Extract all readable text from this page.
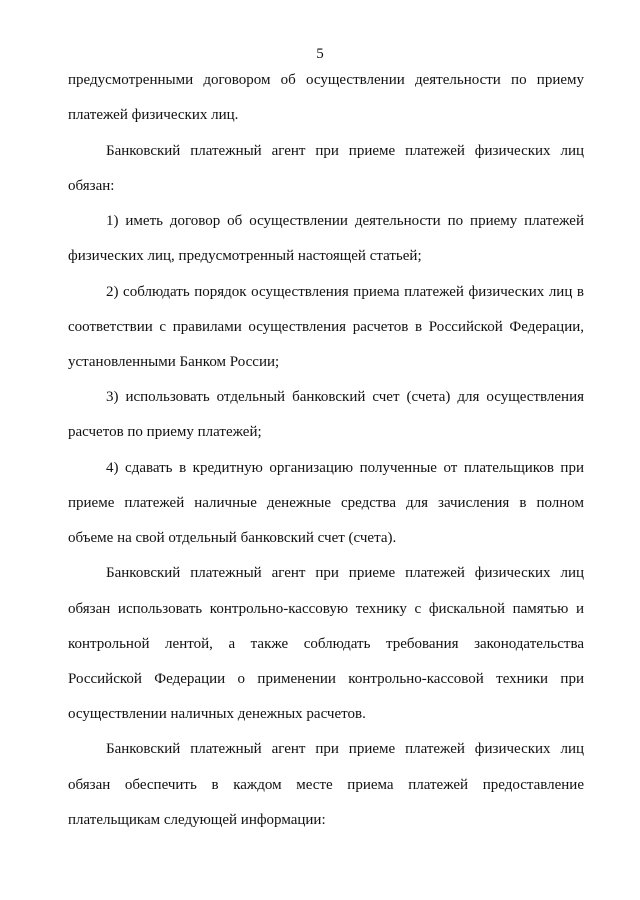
5
предусмотренными договором об осуществлении деятельности по приему
платежей физических лиц.
Банковский платежный агент при приеме платежей физических лиц
обязан:
1) иметь договор об осуществлении деятельности по приему платежей
физических лиц, предусмотренный настоящей статьей;
2) соблюдать порядок осуществления приема платежей физических лиц в
соответствии с правилами осуществления расчетов в Российской Федерации,
установленными Банком России;
3) использовать отдельный банковский счет (счета) для осуществления
расчетов по приему платежей;
4) сдавать в кредитную организацию полученные от плательщиков при
приеме платежей наличные денежные средства для зачисления в полном
объеме на свой отдельный банковский счет (счета).
Банковский платежный агент при приеме платежей физических лиц
обязан использовать контрольно-кассовую технику с фискальной памятью и
контрольной лентой, а также соблюдать требования законодательства
Российской Федерации о применении контрольно-кассовой техники при
осуществлении наличных денежных расчетов.
Банковский платежный агент при приеме платежей физических лиц
обязан обеспечить в каждом месте приема платежей предоставление
плательщикам следующей информации:
